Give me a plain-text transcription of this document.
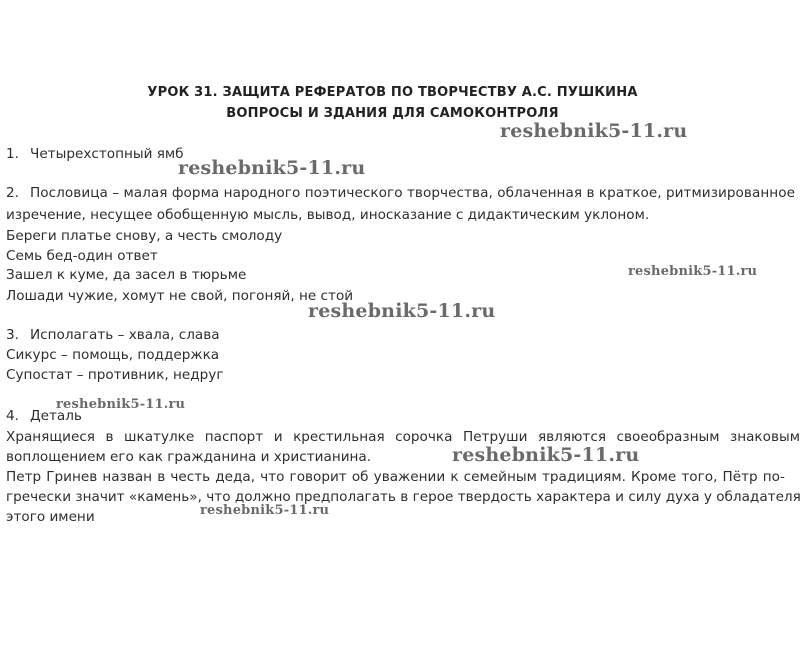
УРОК 31. ЗАЩИТА РЕФЕРАТОВ ПО ТВОРЧЕСТВУ А.С. ПУШКИНА
ВОПРОСЫ И ЗДАНИЯ ДЛЯ САМОКОНТРОЛЯ
1. Четырехстопный ямб
2. Пословица – малая форма народного поэтического творчества, облаченная в краткое, ритмизированное
изречение, несущее обобщенную мысль, вывод, иносказание с дидактическим уклоном.
Береги платье снову, а честь смолоду
Семь бед-один ответ
Зашел к куме, да засел в тюрьме
Лошади чужие, хомут не свой, погоняй, не стой
3. Исполагать – хвала, слава
Сикурс – помощь, поддержка
Супостат – противник, недруг
4. Деталь
Хранящиеся в шкатулке паспорт и крестильная сорочка Петруши являются своеобразным знаковым
воплощением его как гражданина и христианина.
Петр Гринев назван в честь деда, что говорит об уважении к семейным традициям. Кроме того, Пётр по-
гречески значит «камень», что должно предполагать в герое твердость характера и силу духа у обладателя
этого имени
reshebnik5-11.ru
reshebnik5-11.ru
reshebnik5-11.ru
reshebnik5-11.ru
reshebnik5-11.ru
reshebnik5-11.ru
reshebnik5-11.ru
